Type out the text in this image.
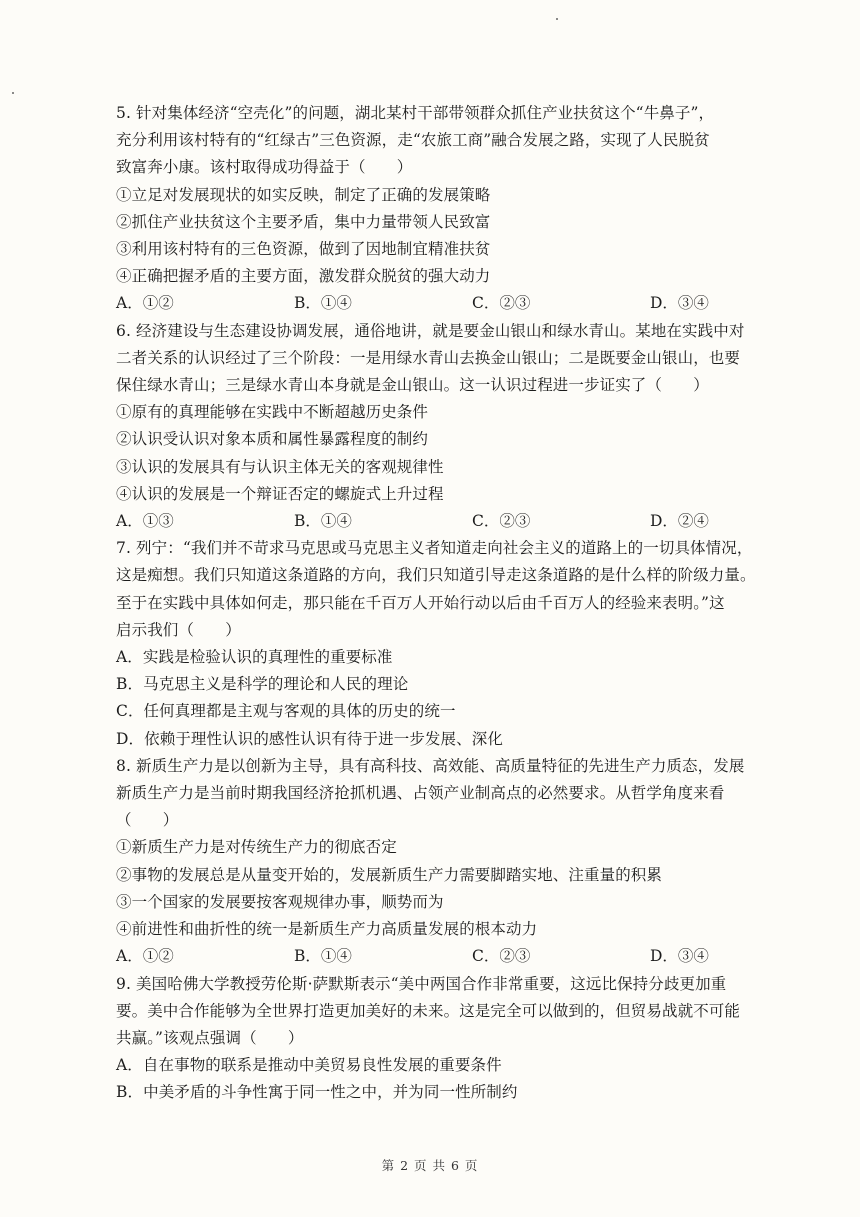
5. 针对集体经济“空壳化”的问题，湖北某村干部带领群众抓住产业扶贫这个“牛鼻子”，
充分利用该村特有的“红绿古”三色资源，走“农旅工商”融合发展之路，实现了人民脱贫
致富奔小康。该村取得成功得益于（　　）
①立足对发展现状的如实反映，制定了正确的发展策略
②抓住产业扶贫这个主要矛盾，集中力量带领人民致富
③利用该村特有的三色资源，做到了因地制宜精准扶贫
④正确把握矛盾的主要方面，激发群众脱贫的强大动力
A．①②	B．①④	C．②③	D．③④
6. 经济建设与生态建设协调发展，通俗地讲，就是要金山银山和绿水青山。某地在实践中对
二者关系的认识经过了三个阶段：一是用绿水青山去换金山银山；二是既要金山银山，也要
保住绿水青山；三是绿水青山本身就是金山银山。这一认识过程进一步证实了（　　）
①原有的真理能够在实践中不断超越历史条件
②认识受认识对象本质和属性暴露程度的制约
③认识的发展具有与认识主体无关的客观规律性
④认识的发展是一个辩证否定的螺旋式上升过程
A．①③	B．①④	C．②③	D．②④
7. 列宁：“我们并不苛求马克思或马克思主义者知道走向社会主义的道路上的一切具体情况，
这是痴想。我们只知道这条道路的方向，我们只知道引导走这条道路的是什么样的阶级力量。
至于在实践中具体如何走，那只能在千百万人开始行动以后由千百万人的经验来表明。”这
启示我们（　　）
A．实践是检验认识的真理性的重要标准
B．马克思主义是科学的理论和人民的理论
C．任何真理都是主观与客观的具体的历史的统一
D．依赖于理性认识的感性认识有待于进一步发展、深化
8. 新质生产力是以创新为主导，具有高科技、高效能、高质量特征的先进生产力质态，发展
新质生产力是当前时期我国经济抢抓机遇、占领产业制高点的必然要求。从哲学角度来看
（　　）
①新质生产力是对传统生产力的彻底否定
②事物的发展总是从量变开始的，发展新质生产力需要脚踏实地、注重量的积累
③一个国家的发展要按客观规律办事，顺势而为
④前进性和曲折性的统一是新质生产力高质量发展的根本动力
A．①②	B．①④	C．②③	D．③④
9. 美国哈佛大学教授劳伦斯·萨默斯表示“美中两国合作非常重要，这远比保持分歧更加重
要。美中合作能够为全世界打造更加美好的未来。这是完全可以做到的，但贸易战就不可能
共赢。”该观点强调（　　）
A．自在事物的联系是推动中美贸易良性发展的重要条件
B．中美矛盾的斗争性寓于同一性之中，并为同一性所制约
第 2 页 共 6 页
